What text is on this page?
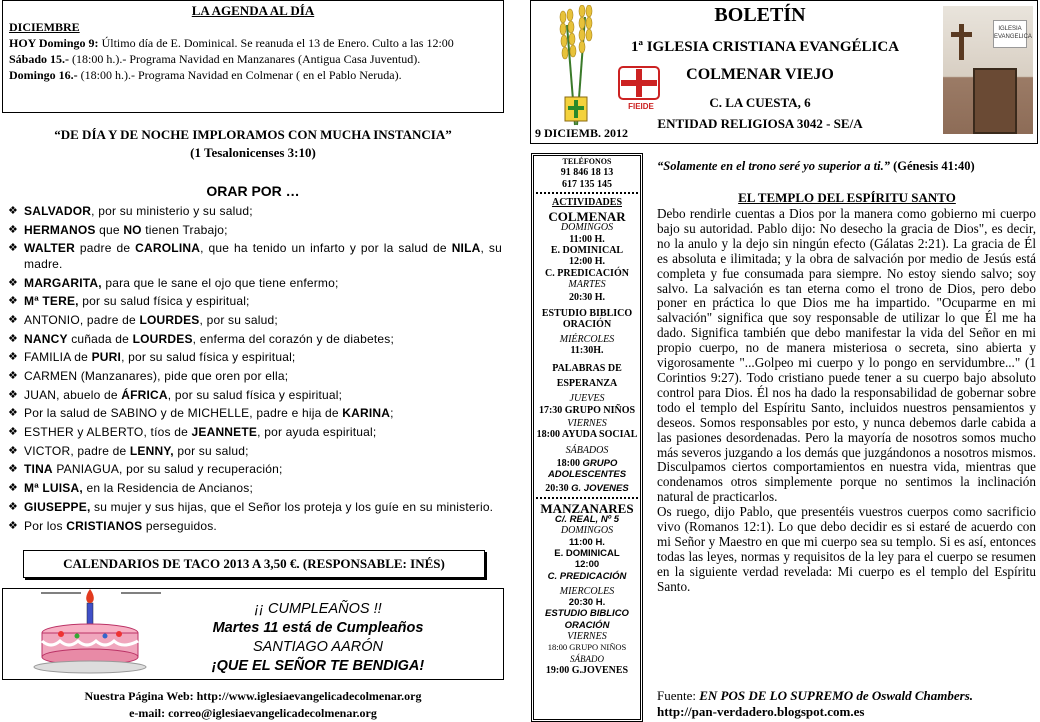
LA AGENDA AL DÍA
DICIEMBRE

HOY Domingo 9: Último día de E. Dominical. Se reanuda el 13 de Enero. Culto a las 12:00

Sábado 15.- (18:00 h.).- Programa Navidad en Manzanares (Antigua Casa Juventud).

Domingo 16.- (18:00 h.).- Programa Navidad en Colmenar ( en el Pablo Neruda).

“DE DÍA Y DE NOCHE IMPLORAMOS CON MUCHA INSTANCIA”
(1 Tesalonicenses 3:10)
ORAR POR …
❖ SALVADOR, por su ministerio y su salud;
❖ HERMANOS que NO tienen Trabajo;
❖ WALTER padre de CAROLINA, que ha tenido un infarto y por la salud de NILA, su madre.
❖ MARGARITA, para que le sane el ojo que tiene enfermo;
❖ Mª TERE, por su salud física y espiritual;
❖ ANTONIO, padre de LOURDES, por su salud;
❖ NANCY cuñada de LOURDES, enferma del corazón y de diabetes;
❖ FAMILIA de PURI, por su salud física y espiritual;
❖ CARMEN (Manzanares), pide que oren por ella;
❖ JUAN, abuelo de ÁFRICA, por su salud física y espiritual;
❖ Por la salud de SABINO y de MICHELLE, padre e hija de KARINA;
❖ ESTHER y ALBERTO, tíos de JEANNETE, por ayuda espiritual;
❖ VICTOR, padre de LENNY, por su salud;
❖ TINA PANIAGUA, por su salud y recuperación;
❖ Mª LUISA, en la Residencia de Ancianos;
❖ GIUSEPPE, su mujer y sus hijas, que el Señor los proteja y los guíe en su ministerio.
❖ Por los CRISTIANOS perseguidos.
CALENDARIOS DE TACO 2013 A 3,50 €. (RESPONSABLE: INÉS)
¡¡ CUMPLEAÑOS !!
Martes 11 está de Cumpleaños
SANTIAGO AARÓN
¡QUE EL SEÑOR TE BENDIGA!
Nuestra Página Web: http://www.iglesiaevangelicadecolmenar.org
e-mail: correo@iglesiaevangelicadecolmenar.org
FIEIDE
IGLESIA
EVANGELICA
BOLETÍN
1ª IGLESIA CRISTIANA EVANGÉLICA
COLMENAR VIEJO
C. LA CUESTA, 6
ENTIDAD RELIGIOSA 3042 - SE/A
9 DICIEMB. 2012
TELÉFONOS
91 846 18 13
617 135 145
ACTIVIDADES
COLMENAR
DOMINGOS
11:00 H.
E. DOMINICAL
12:00 H.
C. PREDICACIÓN
MARTES
20:30 H.
ESTUDIO BIBLICO
ORACIÓN
MIÉRCOLES
11:30H.
PALABRAS DE
ESPERANZA
JUEVES
17:30 GRUPO NIÑOS
VIERNES
18:00 AYUDA SOCIAL
SÁBADOS
18:00 GRUPO
ADOLESCENTES
20:30 G. JOVENES
MANZANARES
C/. REAL, Nº 5
DOMINGOS
11:00 H.
E. DOMINICAL
12:00
C. PREDICACIÓN
MIERCOLES
20:30 H.
ESTUDIO BIBLICO
ORACIÓN
VIERNES
18:00 GRUPO NIÑOS
SÁBADO
19:00 G.JOVENES
“Solamente en el trono seré yo superior a ti.” (Génesis 41:40)
EL TEMPLO DEL ESPÍRITU SANTO

Debo rendirle cuentas a Dios por la manera como gobierno mi cuerpo bajo su autoridad. Pablo dijo: No desecho la gracia de Dios", es decir, no la anulo y la dejo sin ningún efecto (Gálatas 2:21). La gracia de Él es absoluta e ilimitada; y la obra de salvación por medio de Jesús está completa y fue consumada para siempre. No estoy siendo salvo; soy salvo. La salvación es tan eterna como el trono de Dios, pero debo poner en práctica lo que Dios me ha impartido. "Ocuparme en mi salvación" significa que soy responsable de utilizar lo que Él me ha dado. Significa también que debo manifestar la vida del Señor en mi propio cuerpo, no de manera misteriosa o secreta, sino abierta y vigorosamente "...Golpeo mi cuerpo y lo pongo en servidumbre..." (1 Corintios 9:27). Todo cristiano puede tener a su cuerpo bajo absoluto control para Dios. Él nos ha dado la responsabilidad de gobernar sobre todo el templo del Espíritu Santo, incluidos nuestros pensamientos y deseos. Somos responsables por esto, y nunca debemos darle cabida a las pasiones desordenadas. Pero la mayoría de nosotros somos mucho más severos juzgando a los demás que juzgándonos a nosotros mismos. Disculpamos ciertos comportamientos en nuestra vida, mientras que condenamos otros simplemente porque no sentimos la inclinación natural de practicarlos.

Os ruego, dijo Pablo, que presentéis vuestros cuerpos como sacrificio vivo (Romanos 12:1). Lo que debo decidir es si estaré de acuerdo con mi Señor y Maestro en que mi cuerpo sea su templo. Si es así, entonces todas las leyes, normas y requisitos de la ley para el cuerpo se resumen en la siguiente verdad revelada: Mi cuerpo es el templo del Espíritu Santo.

Fuente: EN POS DE LO SUPREMO de Oswald Chambers.
http://pan-verdadero.blogspot.com.es
